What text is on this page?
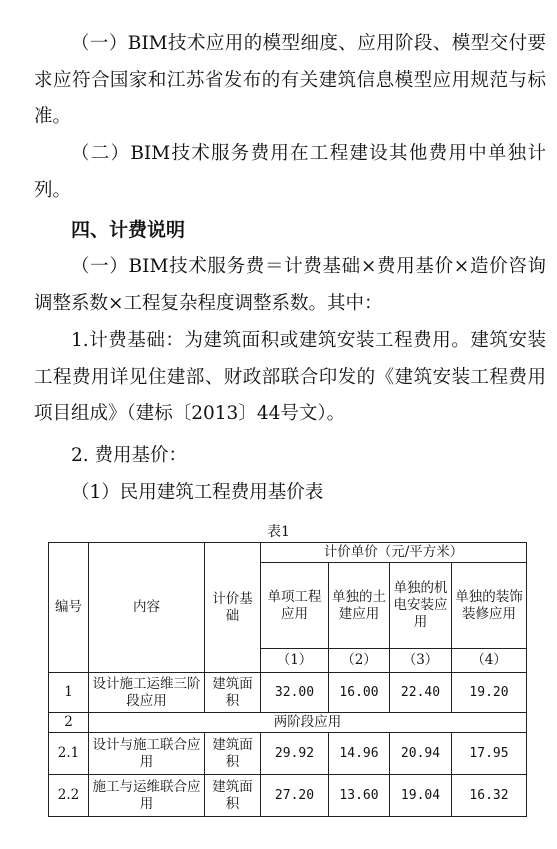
（一）BIM技术应用的模型细度、应用阶段、模型交付要求应符合国家和江苏省发布的有关建筑信息模型应用规范与标准。

（二）BIM技术服务费用在工程建设其他费用中单独计列。

四、计费说明

（一）BIM技术服务费＝计费基础×费用基价×造价咨询调整系数×工程复杂程度调整系数。其中：

1.计费基础：为建筑面积或建筑安装工程费用。建筑安装工程费用详见住建部、财政部联合印发的《建筑安装工程费用项目组成》（建标〔2013〕44号文）。

2. 费用基价：
（1）民用建筑工程费用基价表
表1
编号	内容	计价基础	计价单价（元/平方米）			
			单项工程应用	单独的土建应用	单独的机电安装应用	单独的装饰装修应用
			（1）	（2）	（3）	（4）
1	设计施工运维三阶段应用	建筑面积	32.00	16.00	22.40	19.20
2	两阶段应用					
2.1	设计与施工联合应用	建筑面积	29.92	14.96	20.94	17.95
2.2	施工与运维联合应用	建筑面积	27.20	13.60	19.04	16.32
